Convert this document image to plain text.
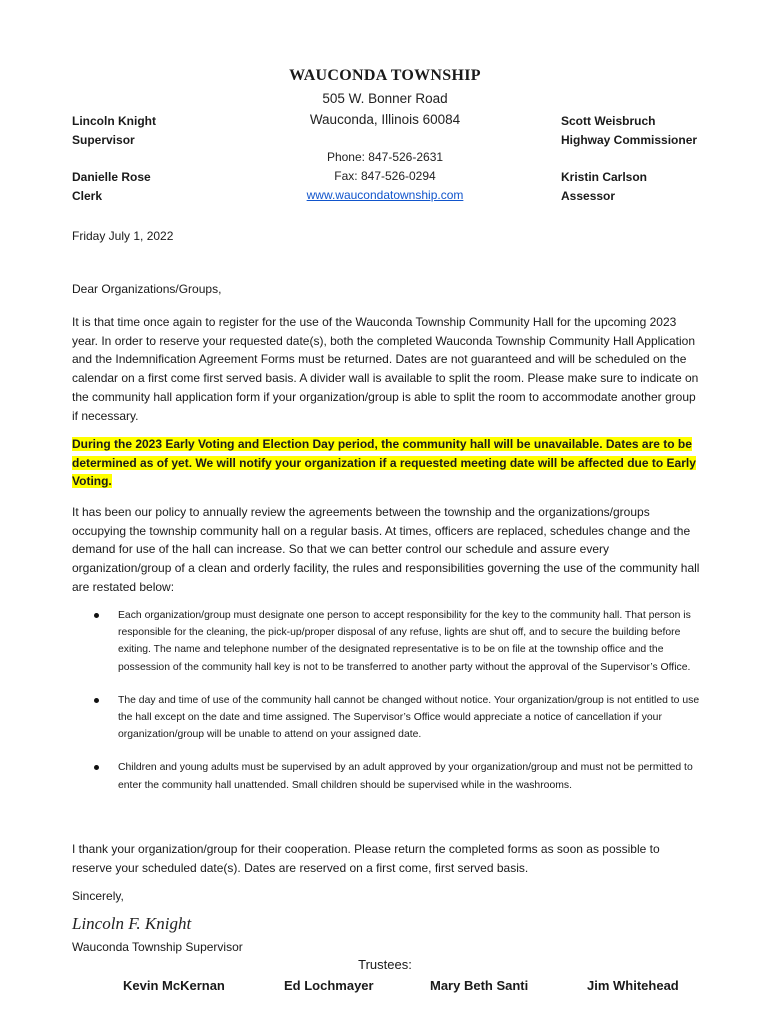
WAUCONDA TOWNSHIP
505 W. Bonner Road
Wauconda, Illinois 60084
Phone: 847-526-2631
Fax: 847-526-0294
www.waucondatownship.com
Lincoln Knight
Supervisor
Danielle Rose
Clerk
Scott Weisbruch
Highway Commissioner
Kristin Carlson
Assessor
Friday July 1, 2022
Dear Organizations/Groups,
It is that time once again to register for the use of the Wauconda Township Community Hall for the upcoming 2023 year. In order to reserve your requested date(s), both the completed Wauconda Township Community Hall Application and the Indemnification Agreement Forms must be returned. Dates are not guaranteed and will be scheduled on the calendar on a first come first served basis. A divider wall is available to split the room. Please make sure to indicate on the community hall application form if your organization/group is able to split the room to accommodate another group if necessary.
During the 2023 Early Voting and Election Day period, the community hall will be unavailable. Dates are to be determined as of yet. We will notify your organization if a requested meeting date will be affected due to Early Voting.
It has been our policy to annually review the agreements between the township and the organizations/groups occupying the township community hall on a regular basis. At times, officers are replaced, schedules change and the demand for use of the hall can increase. So that we can better control our schedule and assure every organization/group of a clean and orderly facility, the rules and responsibilities governing the use of the community hall are restated below:
Each organization/group must designate one person to accept responsibility for the key to the community hall. That person is responsible for the cleaning, the pick-up/proper disposal of any refuse, lights are shut off, and to secure the building before exiting. The name and telephone number of the designated representative is to be on file at the township office and the possession of the community hall key is not to be transferred to another party without the approval of the Supervisor’s Office.
The day and time of use of the community hall cannot be changed without notice. Your organization/group is not entitled to use the hall except on the date and time assigned. The Supervisor’s Office would appreciate a notice of cancellation if your organization/group will be unable to attend on your assigned date.
Children and young adults must be supervised by an adult approved by your organization/group and must not be permitted to enter the community hall unattended. Small children should be supervised while in the washrooms.
I thank your organization/group for their cooperation. Please return the completed forms as soon as possible to reserve your scheduled date(s). Dates are reserved on a first come, first served basis.
Sincerely,
Lincoln F. Knight
Wauconda Township Supervisor
Trustees:
Kevin McKernan	Ed Lochmayer	Mary Beth Santi	Jim Whitehead
